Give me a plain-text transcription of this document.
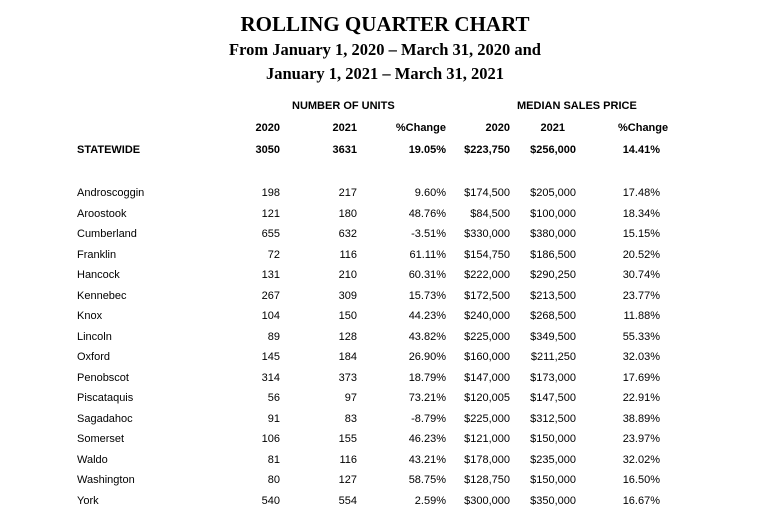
ROLLING QUARTER CHART
From January 1, 2020 – March 31, 2020 and
January 1, 2021 – March 31, 2021
NUMBER OF UNITS	MEDIAN SALES PRICE
2020	2021	%Change	2020	2021	%Change
STATEWIDE	3050	3631	19.05%	$223,750	$256,000	14.41%
Androscoggin	198	217	9.60%	$174,500	$205,000	17.48%
Aroostook	121	180	48.76%	$84,500	$100,000	18.34%
Cumberland	655	632	-3.51%	$330,000	$380,000	15.15%
Franklin	72	116	61.11%	$154,750	$186,500	20.52%
Hancock	131	210	60.31%	$222,000	$290,250	30.74%
Kennebec	267	309	15.73%	$172,500	$213,500	23.77%
Knox	104	150	44.23%	$240,000	$268,500	11.88%
Lincoln	89	128	43.82%	$225,000	$349,500	55.33%
Oxford	145	184	26.90%	$160,000	$211,250	32.03%
Penobscot	314	373	18.79%	$147,000	$173,000	17.69%
Piscataquis	56	97	73.21%	$120,005	$147,500	22.91%
Sagadahoc	91	83	-8.79%	$225,000	$312,500	38.89%
Somerset	106	155	46.23%	$121,000	$150,000	23.97%
Waldo	81	116	43.21%	$178,000	$235,000	32.02%
Washington	80	127	58.75%	$128,750	$150,000	16.50%
York	540	554	2.59%	$300,000	$350,000	16.67%
